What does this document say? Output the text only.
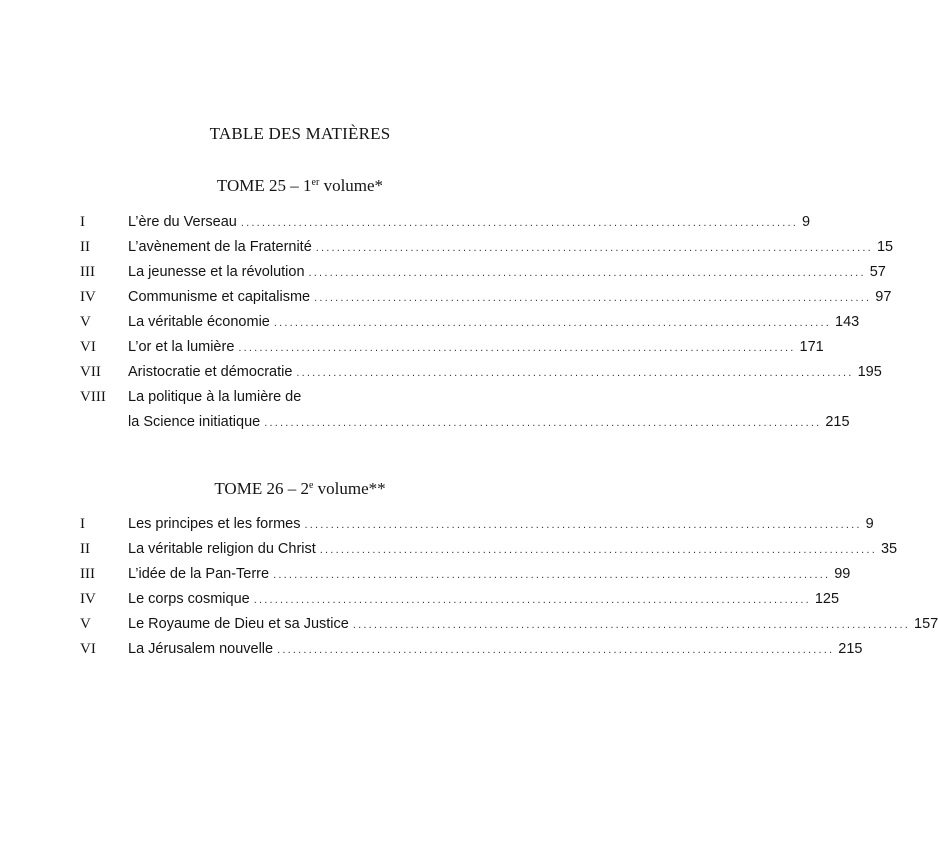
TABLE DES MATIÈRES
TOME 25 – 1er volume*
I	L’ère du Verseau .......................................................................................................... 9
II	L’avènement de la Fraternité .......................................................................................................... 15
III La jeunesse et la révolution .......................................................................................................... 57
IV Communisme et capitalisme .......................................................................................................... 97
V	La véritable économie .......................................................................................................... 143
VI L’or et la lumière .......................................................................................................... 171
VII Aristocratie et démocratie .......................................................................................................... 195
VIII La politique à la lumière de
la Science initiatique .......................................................................................................... 215
TOME 26 – 2e volume**
I	Les principes et les formes .......................................................................................................... 9
II	La véritable religion du Christ .......................................................................................................... 35
III L’idée de la Pan-Terre .......................................................................................................... 99
IV Le corps cosmique .......................................................................................................... 125
V	Le Royaume de Dieu et sa Justice .......................................................................................................... 157
VI La Jérusalem nouvelle .......................................................................................................... 215
